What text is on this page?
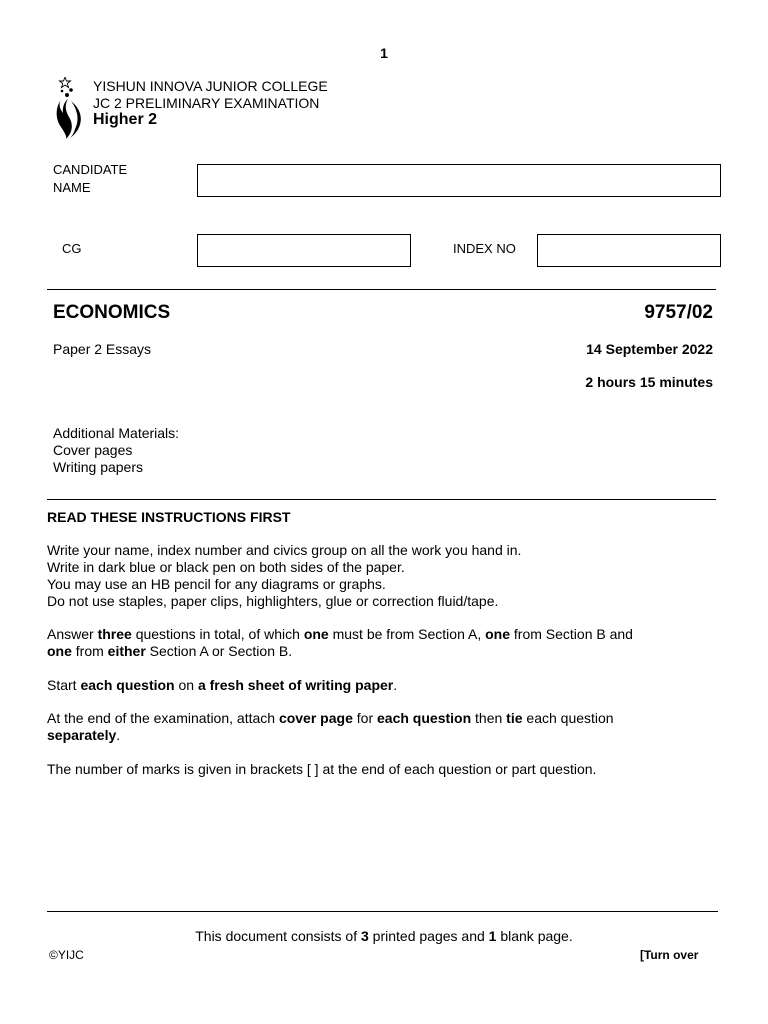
1
YISHUN INNOVA JUNIOR COLLEGE
JC 2 PRELIMINARY EXAMINATION
Higher 2
CANDIDATE
NAME
CG	INDEX NO
ECONOMICS	9757/02
Paper 2 Essays	14 September 2022
2 hours 15 minutes
Additional Materials:
Cover pages
Writing papers
READ THESE INSTRUCTIONS FIRST
Write your name, index number and civics group on all the work you hand in.
Write in dark blue or black pen on both sides of the paper.
You may use an HB pencil for any diagrams or graphs.
Do not use staples, paper clips, highlighters, glue or correction fluid/tape.
Answer three questions in total, of which one must be from Section A, one from Section B and
one from either Section A or Section B.
Start each question on a fresh sheet of writing paper.
At the end of the examination, attach cover page for each question then tie each question
separately.
The number of marks is given in brackets [ ] at the end of each question or part question.
This document consists of 3 printed pages and 1 blank page.
©YIJC	[Turn over
